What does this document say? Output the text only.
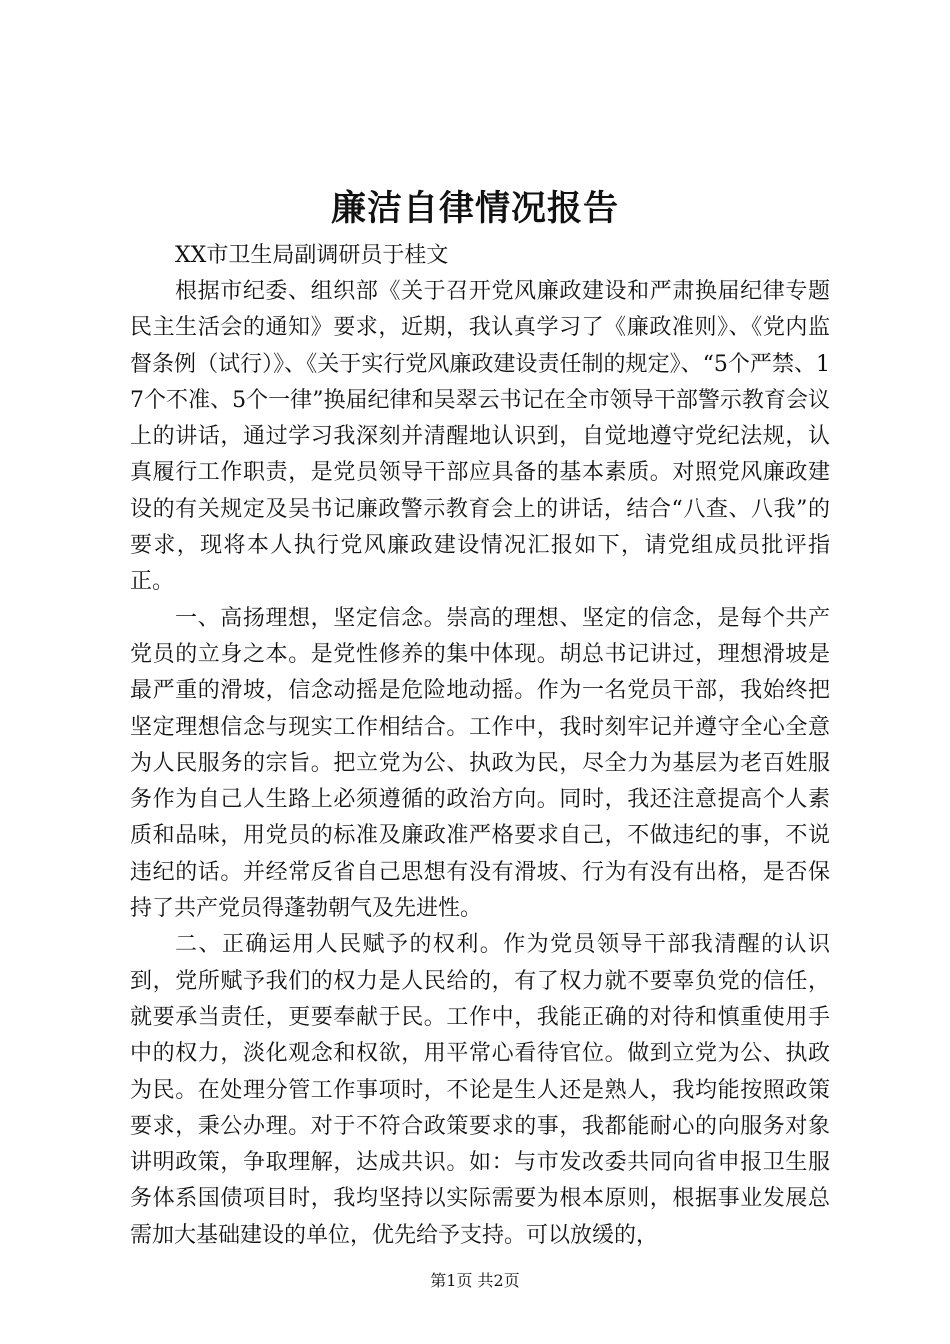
廉洁自律情况报告

XX市卫生局副调研员于桂文

根据市纪委、组织部《关于召开党风廉政建设和严肃换届纪律专题民主生活会的通知》要求，近期，我认真学习了《廉政准则》、《党内监督条例（试行）》、《关于实行党风廉政建设责任制的规定》、“5个严禁、17个不准、5个一律”换届纪律和吴翠云书记在全市领导干部警示教育会议上的讲话，通过学习我深刻并清醒地认识到，自觉地遵守党纪法规，认真履行工作职责，是党员领导干部应具备的基本素质。对照党风廉政建设的有关规定及吴书记廉政警示教育会上的讲话，结合“八查、八我”的要求，现将本人执行党风廉政建设情况汇报如下，请党组成员批评指正。

一、高扬理想，坚定信念。崇高的理想、坚定的信念，是每个共产党员的立身之本。是党性修养的集中体现。胡总书记讲过，理想滑坡是最严重的滑坡，信念动摇是危险地动摇。作为一名党员干部，我始终把坚定理想信念与现实工作相结合。工作中，我时刻牢记并遵守全心全意为人民服务的宗旨。把立党为公、执政为民，尽全力为基层为老百姓服务作为自己人生路上必须遵循的政治方向。同时，我还注意提高个人素质和品味，用党员的标准及廉政准严格要求自己，不做违纪的事，不说违纪的话。并经常反省自己思想有没有滑坡、行为有没有出格，是否保持了共产党员得蓬勃朝气及先进性。

二、正确运用人民赋予的权利。作为党员领导干部我清醒的认识到，党所赋予我们的权力是人民给的，有了权力就不要辜负党的信任，就要承当责任，更要奉献于民。工作中，我能正确的对待和慎重使用手中的权力，淡化观念和权欲，用平常心看待官位。做到立党为公、执政为民。在处理分管工作事项时，不论是生人还是熟人，我均能按照政策要求，秉公办理。对于不符合政策要求的事，我都能耐心的向服务对象讲明政策，争取理解，达成共识。如：与市发改委共同向省申报卫生服务体系国债项目时，我均坚持以实际需要为根本原则，根据事业发展总需加大基础建设的单位，优先给予支持。可以放缓的，

第1页 共2页
